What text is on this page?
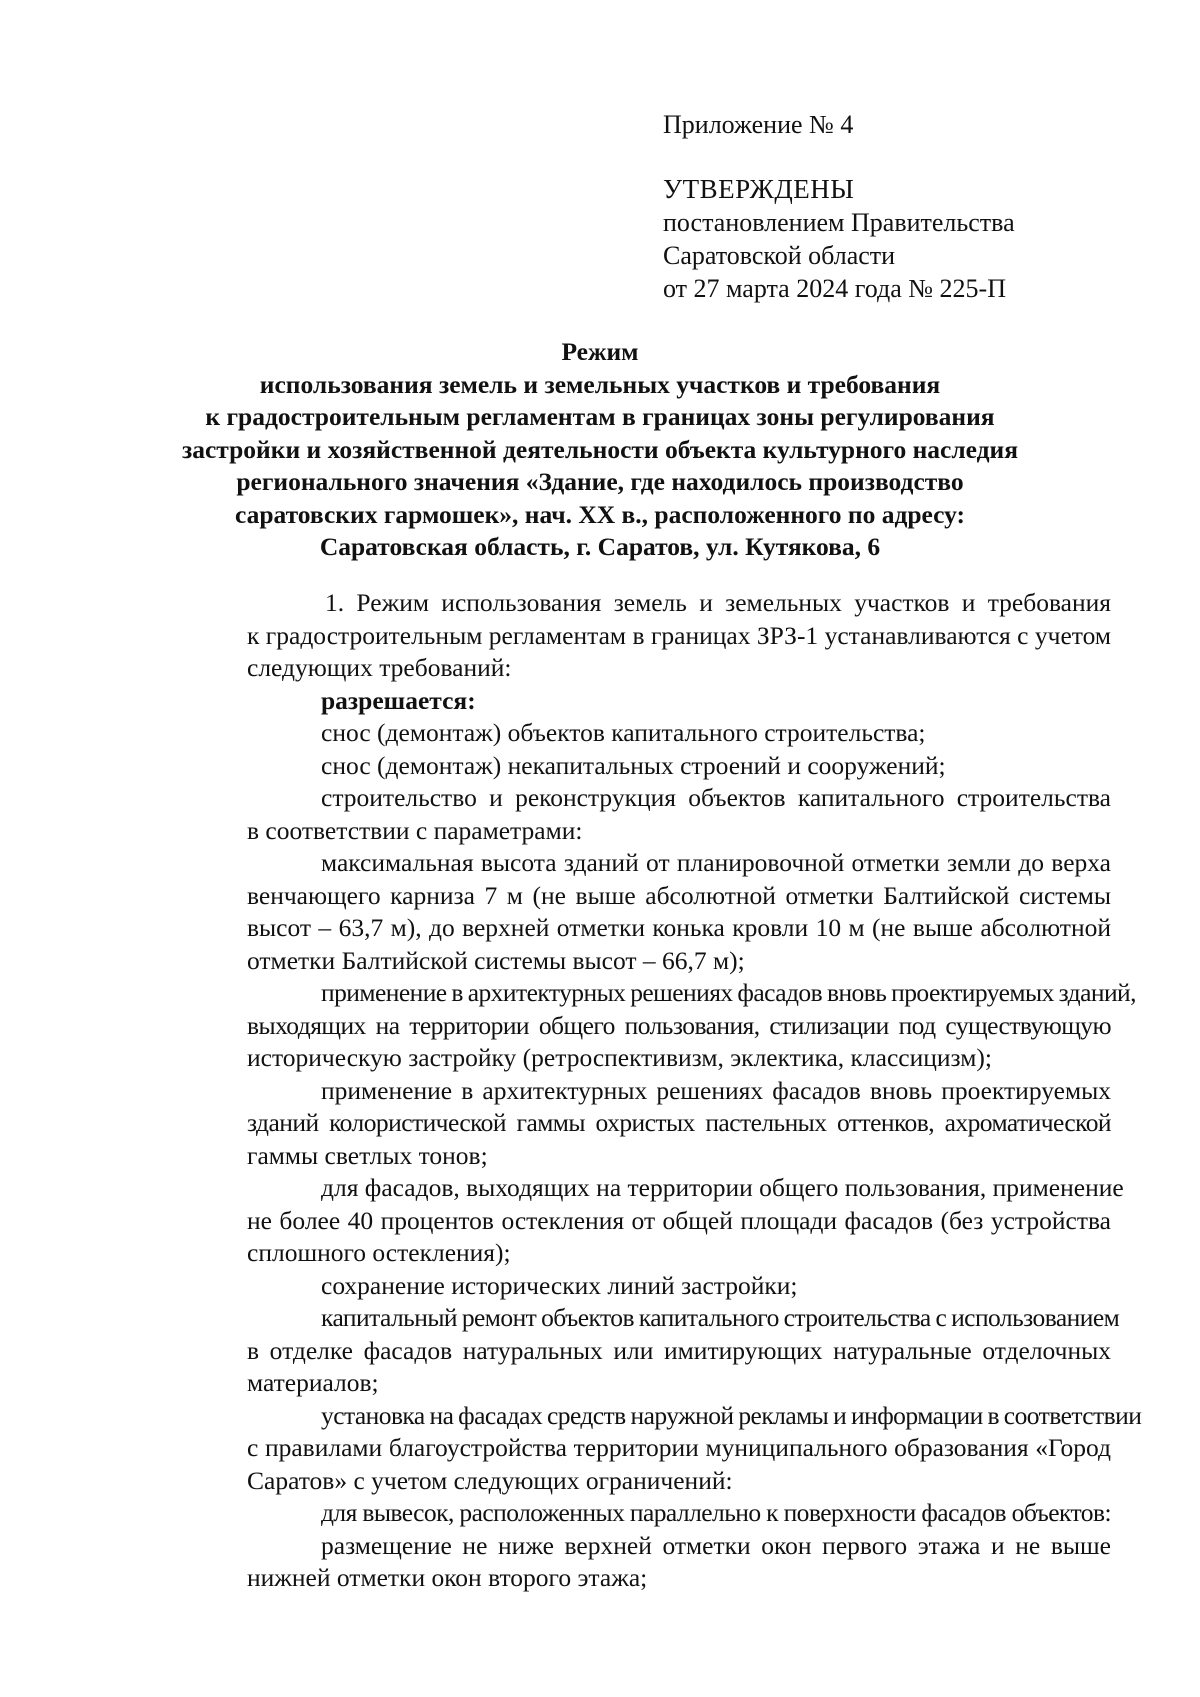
Приложение № 4
УТВЕРЖДЕНЫ
постановлением Правительства
Саратовской области
от 27 марта 2024 года № 225-П
Режим
использования земель и земельных участков и требования
к градостроительным регламентам в границах зоны регулирования
застройки и хозяйственной деятельности объекта культурного наследия
регионального значения «Здание, где находилось производство
саратовских гармошек», нач. XX в., расположенного по адресу:
Саратовская область, г. Саратов, ул. Кутякова, 6

1. Режим использования земель и земельных участков и требования
к градостроительным регламентам в границах ЗРЗ-1 устанавливаются с учетом
следующих требований:

разрешается:

снос (демонтаж) объектов капитального строительства;

снос (демонтаж) некапитальных строений и сооружений;

строительство и реконструкция объектов капитального строительства
в соответствии с параметрами:

максимальная высота зданий от планировочной отметки земли до верха
венчающего карниза 7 м (не выше абсолютной отметки Балтийской системы
высот – 63,7 м), до верхней отметки конька кровли 10 м (не выше абсолютной
отметки Балтийской системы высот – 66,7 м);

применение в архитектурных решениях фасадов вновь проектируемых зданий,
выходящих на территории общего пользования, стилизации под существующую
историческую застройку (ретроспективизм, эклектика, классицизм);

применение в архитектурных решениях фасадов вновь проектируемых
зданий колористической гаммы охристых пастельных оттенков, ахроматической
гаммы светлых тонов;

для фасадов, выходящих на территории общего пользования, применение
не более 40 процентов остекления от общей площади фасадов (без устройства
сплошного остекления);

сохранение исторических линий застройки;

капитальный ремонт объектов капитального строительства с использованием
в отделке фасадов натуральных или имитирующих натуральные отделочных
материалов;

установка на фасадах средств наружной рекламы и информации в соответствии
с правилами благоустройства территории муниципального образования «Город
Саратов» с учетом следующих ограничений:

для вывесок, расположенных параллельно к поверхности фасадов объектов:

размещение не ниже верхней отметки окон первого этажа и не выше
нижней отметки окон второго этажа;
